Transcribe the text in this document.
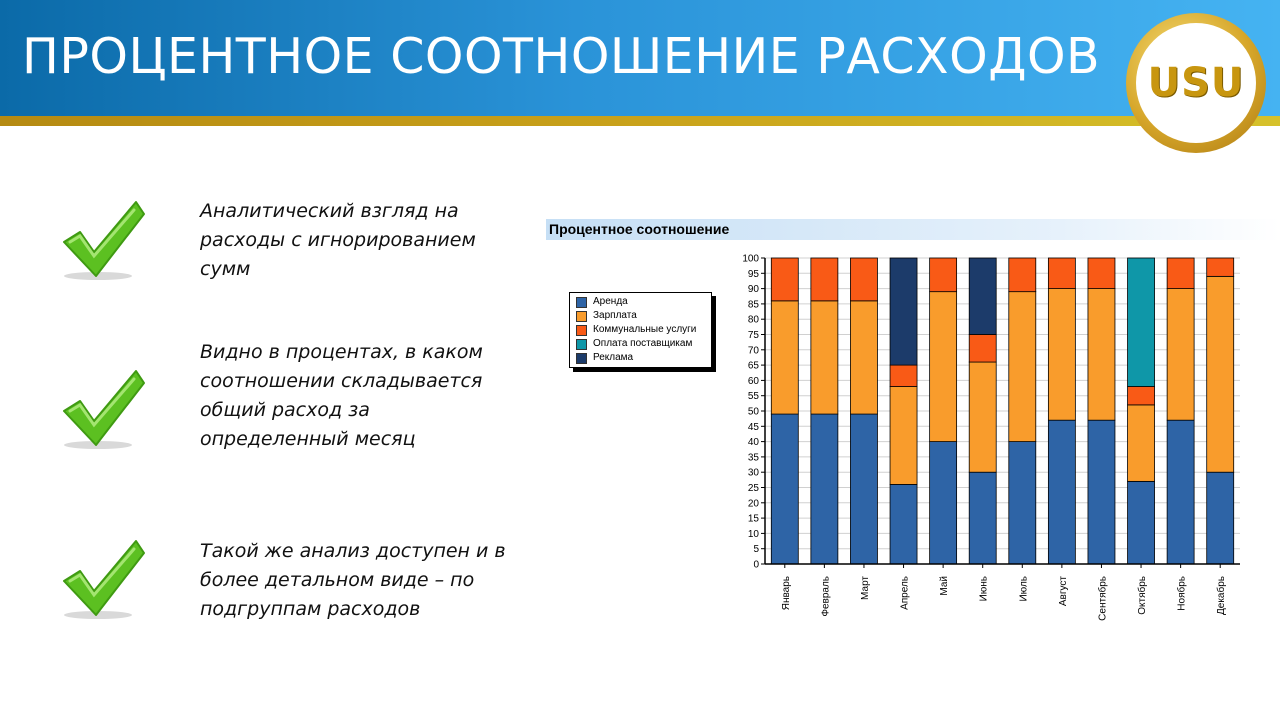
ПРОЦЕНТНОЕ СООТНОШЕНИЕ РАСХОДОВ USU
Аналитический взгляд на расходы с игнорированием сумм
Видно в процентах, в каком соотношении складывается общий расход за определенный месяц
Такой же анализ доступен и в более детальном виде – по подгруппам расходов
Процентное соотношение
Аренда
Зарплата
Коммунальные услуги
Оплата поставщикам
Реклама
0
5
10
15
20
25
30
35
40
45
50
55
60
65
70
75
80
85
90
95
100
Январь	Февраль	Март	Апрель	Май	Июнь	Июль	Август	Сентябрь	Октябрь	Ноябрь	Декабрь
